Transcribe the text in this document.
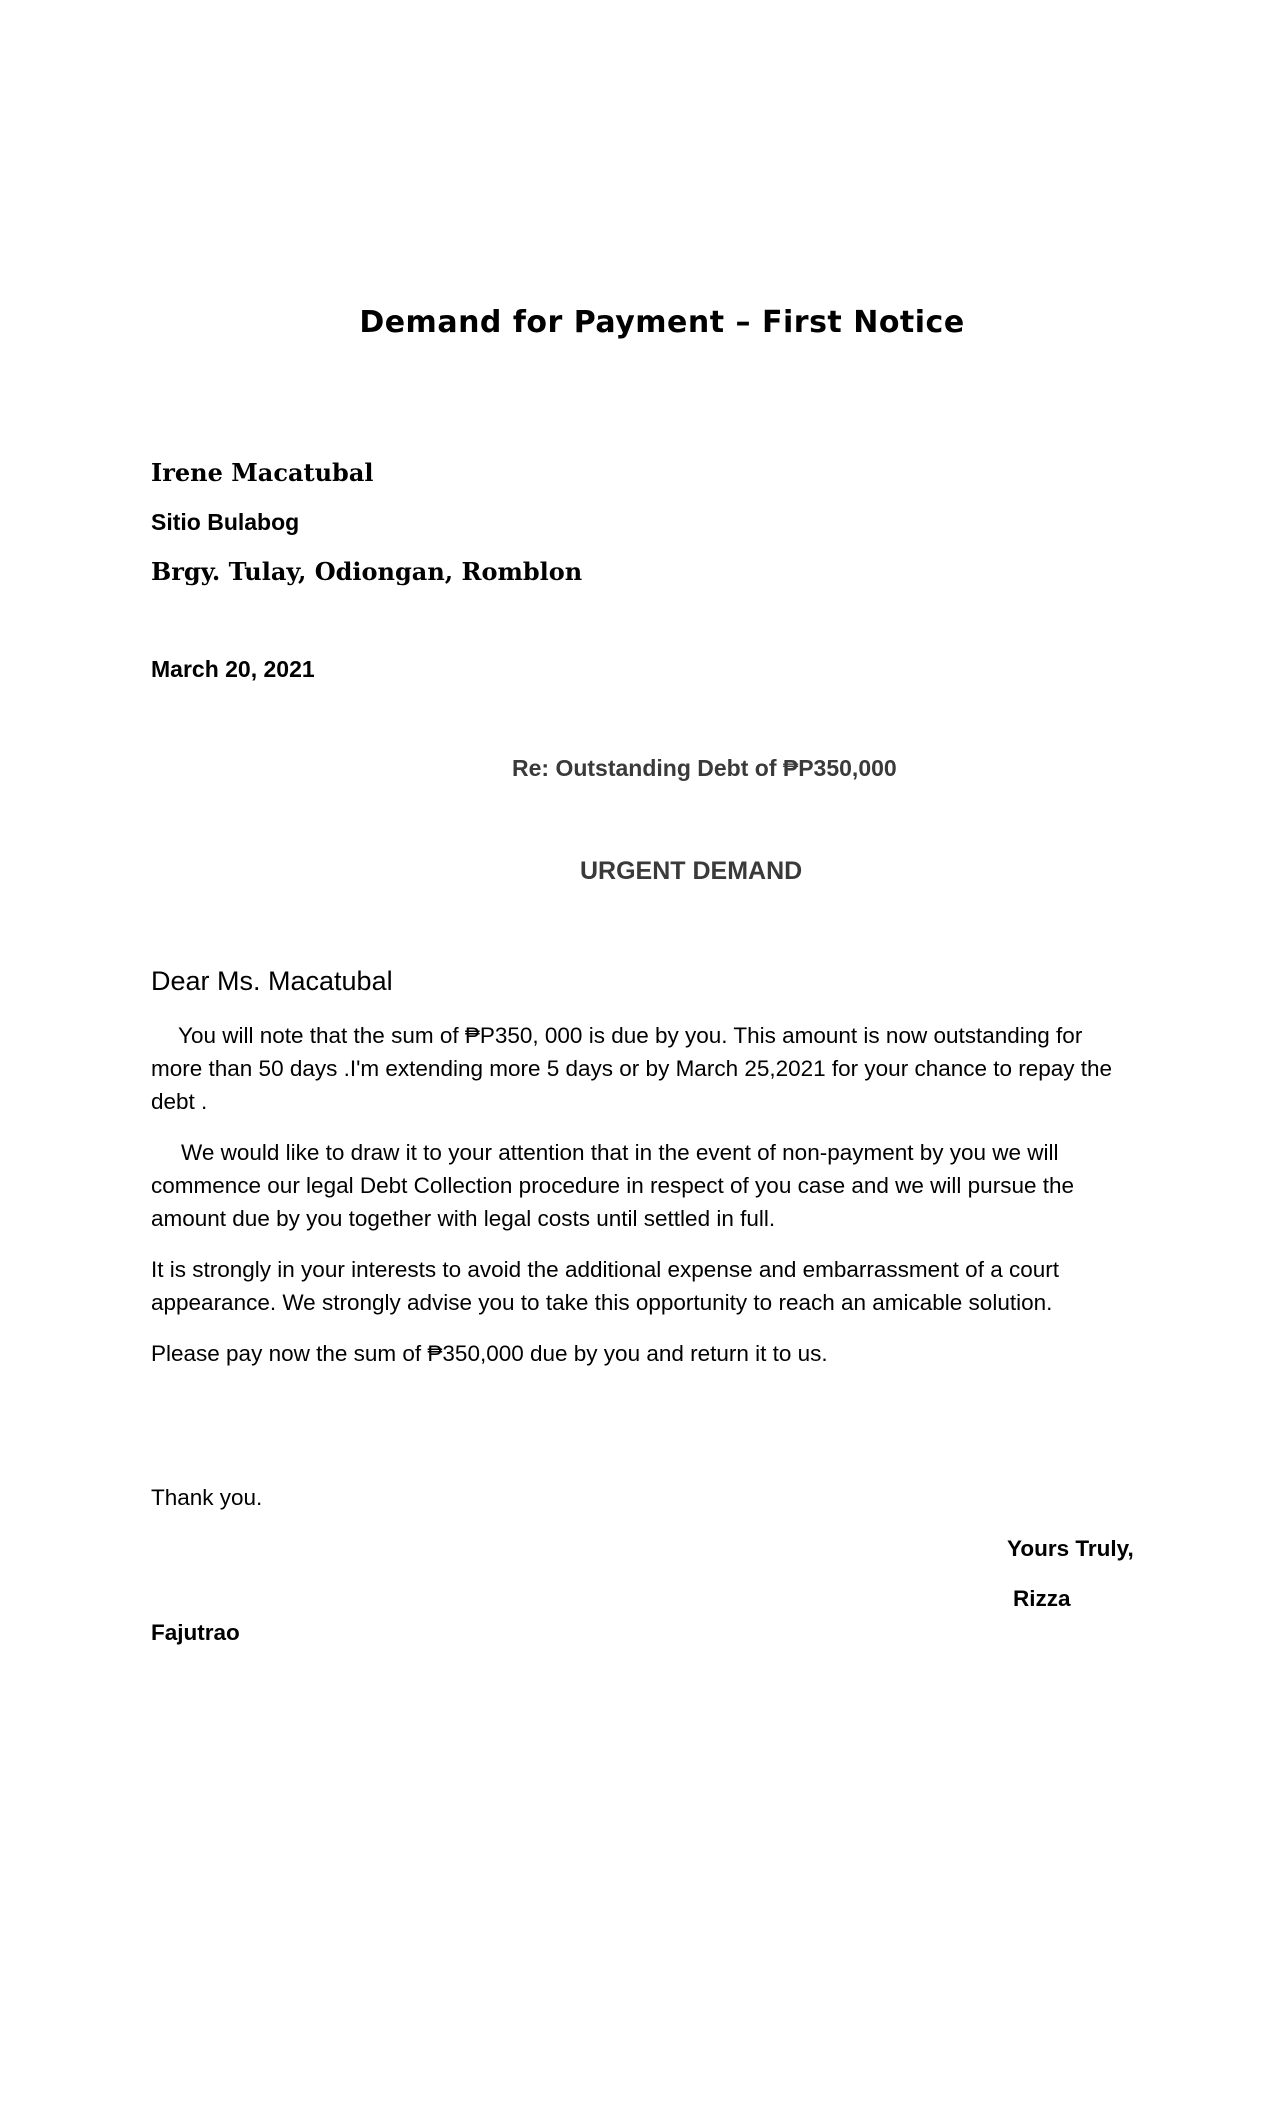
Demand for Payment – First Notice
Irene Macatubal
Sitio Bulabog
Brgy. Tulay, Odiongan, Romblon
March 20, 2021
Re: Outstanding Debt of ₱P350,000
URGENT DEMAND
Dear Ms. Macatubal

You will note that the sum of ₱P350, 000 is due by you. This amount is now outstanding for more than 50 days .I'm extending more 5 days or by March 25,2021 for your chance to repay the debt .

We would like to draw it to your attention that in the event of non-payment by you we will commence our legal Debt Collection procedure in respect of you case and we will pursue the amount due by you together with legal costs until settled in full.

It is strongly in your interests to avoid the additional expense and embarrassment of a court appearance. We strongly advise you to take this opportunity to reach an amicable solution.

Please pay now the sum of ₱350,000 due by you and return it to us.

Thank you.
Yours Truly,
Rizza
Fajutrao
